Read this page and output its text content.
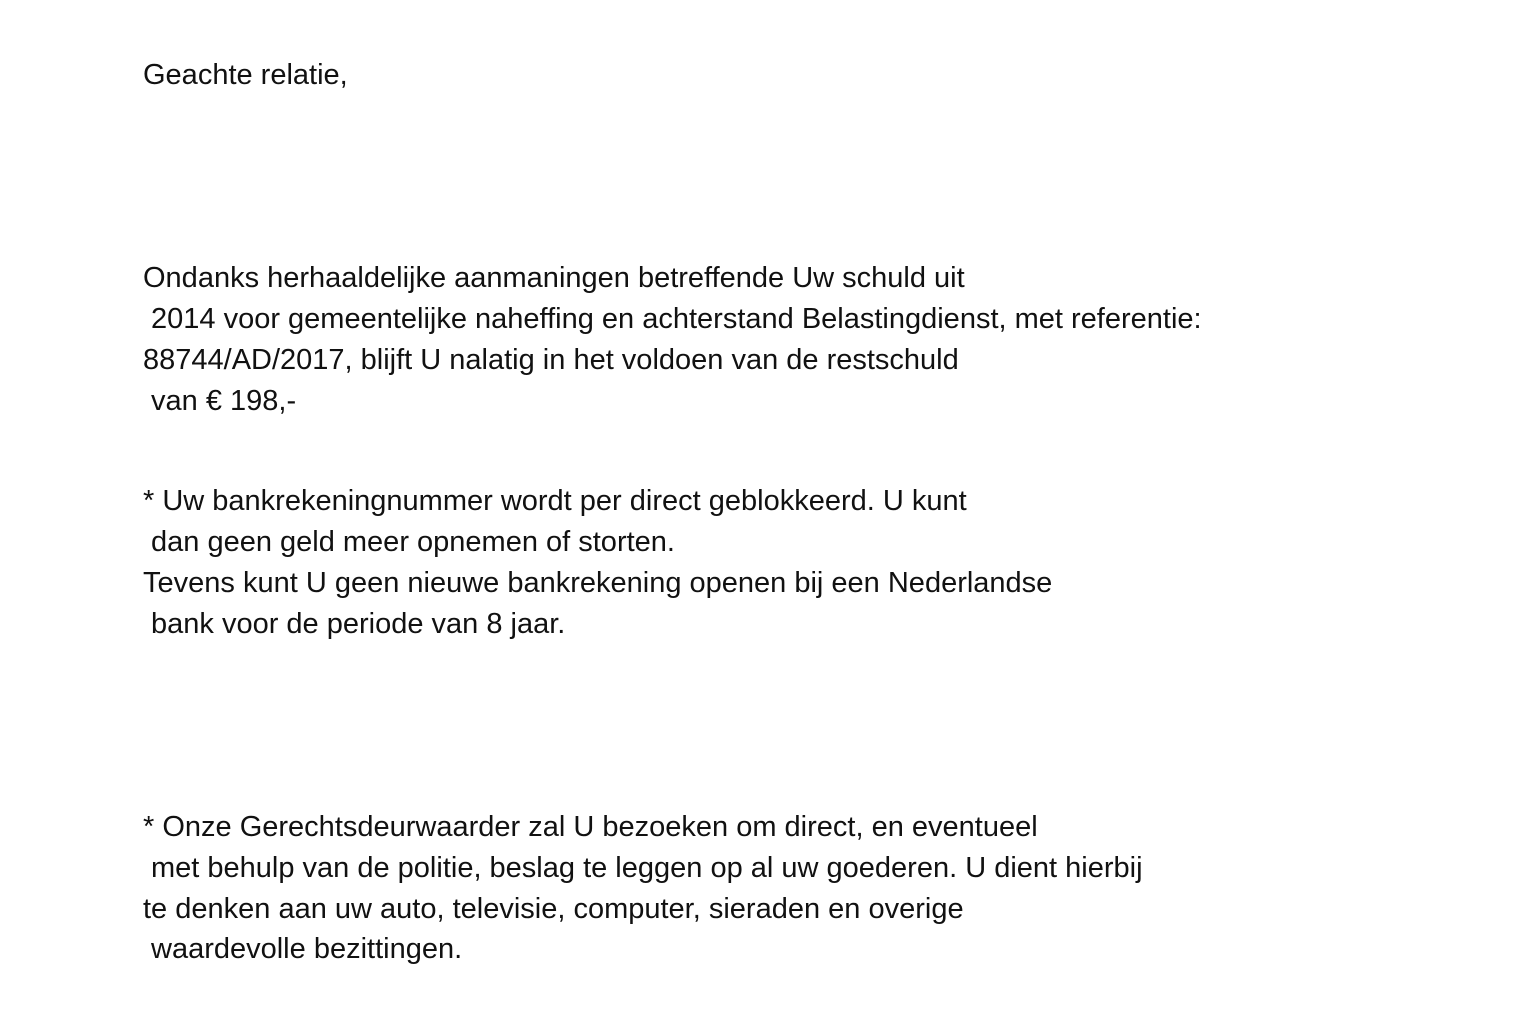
Geachte relatie,
Ondanks herhaaldelijke aanmaningen betreffende Uw schuld uit
2014 voor gemeentelijke naheffing en achterstand Belastingdienst, met referentie:
88744/AD/2017, blijft U nalatig in het voldoen van de restschuld
van € 198,-
* Uw bankrekeningnummer wordt per direct geblokkeerd. U kunt
dan geen geld meer opnemen of storten.
Tevens kunt U geen nieuwe bankrekening openen bij een Nederlandse
bank voor de periode van 8 jaar.
* Onze Gerechtsdeurwaarder zal U bezoeken om direct, en eventueel
met behulp van de politie, beslag te leggen op al uw goederen. U dient hierbij
te denken aan uw auto, televisie, computer, sieraden en overige
waardevolle bezittingen.
